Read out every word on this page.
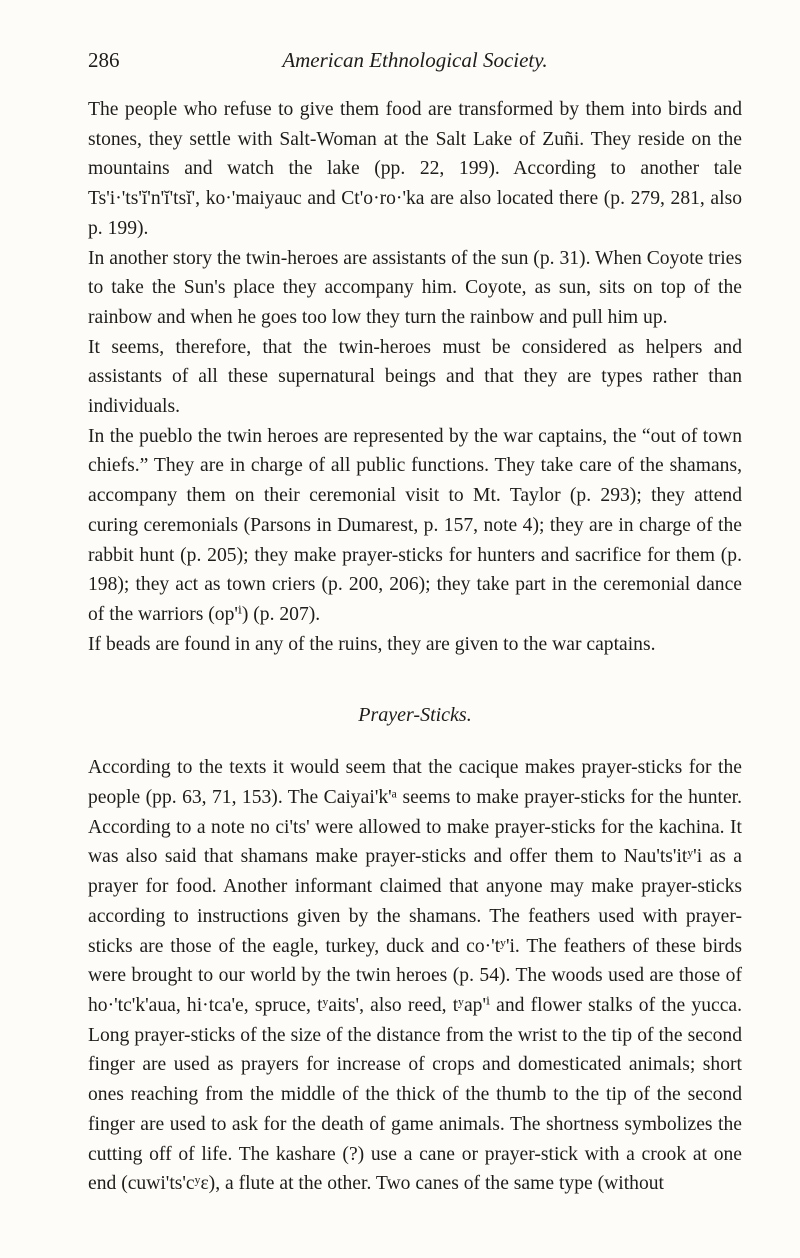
286	American Ethnological Society.

The people who refuse to give them food are transformed by them into birds and stones, they settle with Salt-Woman at the Salt Lake of Zuñi. They reside on the mountains and watch the lake (pp. 22, 199). According to another tale Ts'i·'ts'ĭ'n'ĭ'tsĭ', ko·'maiyauc and Ct'o·ro·'ka are also located there (p. 279, 281, also p. 199).

In another story the twin-heroes are assistants of the sun (p. 31). When Coyote tries to take the Sun's place they accompany him. Coyote, as sun, sits on top of the rainbow and when he goes too low they turn the rainbow and pull him up.

It seems, therefore, that the twin-heroes must be considered as helpers and assistants of all these supernatural beings and that they are types rather than individuals.

In the pueblo the twin heroes are represented by the war captains, the “out of town chiefs.” They are in charge of all public functions. They take care of the shamans, accompany them on their ceremonial visit to Mt. Taylor (p. 293); they attend curing ceremonials (Parsons in Dumarest, p. 157, note 4); they are in charge of the rabbit hunt (p. 205); they make prayer-sticks for hunters and sacrifice for them (p. 198); they act as town criers (p. 200, 206); they take part in the ceremonial dance of the warriors (op'ⁱ) (p. 207).

If beads are found in any of the ruins, they are given to the war captains.

Prayer-Sticks.

According to the texts it would seem that the cacique makes prayer-sticks for the people (pp. 63, 71, 153). The Caiyai'k'ᵃ seems to make prayer-sticks for the hunter. According to a note no ci'ts' were allowed to make prayer-sticks for the kachina. It was also said that shamans make prayer-sticks and offer them to Nau'ts'itʸ'i as a prayer for food. Another informant claimed that anyone may make prayer-sticks according to instructions given by the shamans. The feathers used with prayer-sticks are those of the eagle, turkey, duck and co·'tʸ'i. The feathers of these birds were brought to our world by the twin heroes (p. 54). The woods used are those of ho·'tc'k'aua, hi·tca'e, spruce, tʸaits', also reed, tʸap'ⁱ and flower stalks of the yucca. Long prayer-sticks of the size of the distance from the wrist to the tip of the second finger are used as prayers for increase of crops and domesticated animals; short ones reaching from the middle of the thick of the thumb to the tip of the second finger are used to ask for the death of game animals. The shortness symbolizes the cutting off of life. The kashare (?) use a cane or prayer-stick with a crook at one end (cuwi'ts'cʸɛ), a flute at the other. Two canes of the same type (without
